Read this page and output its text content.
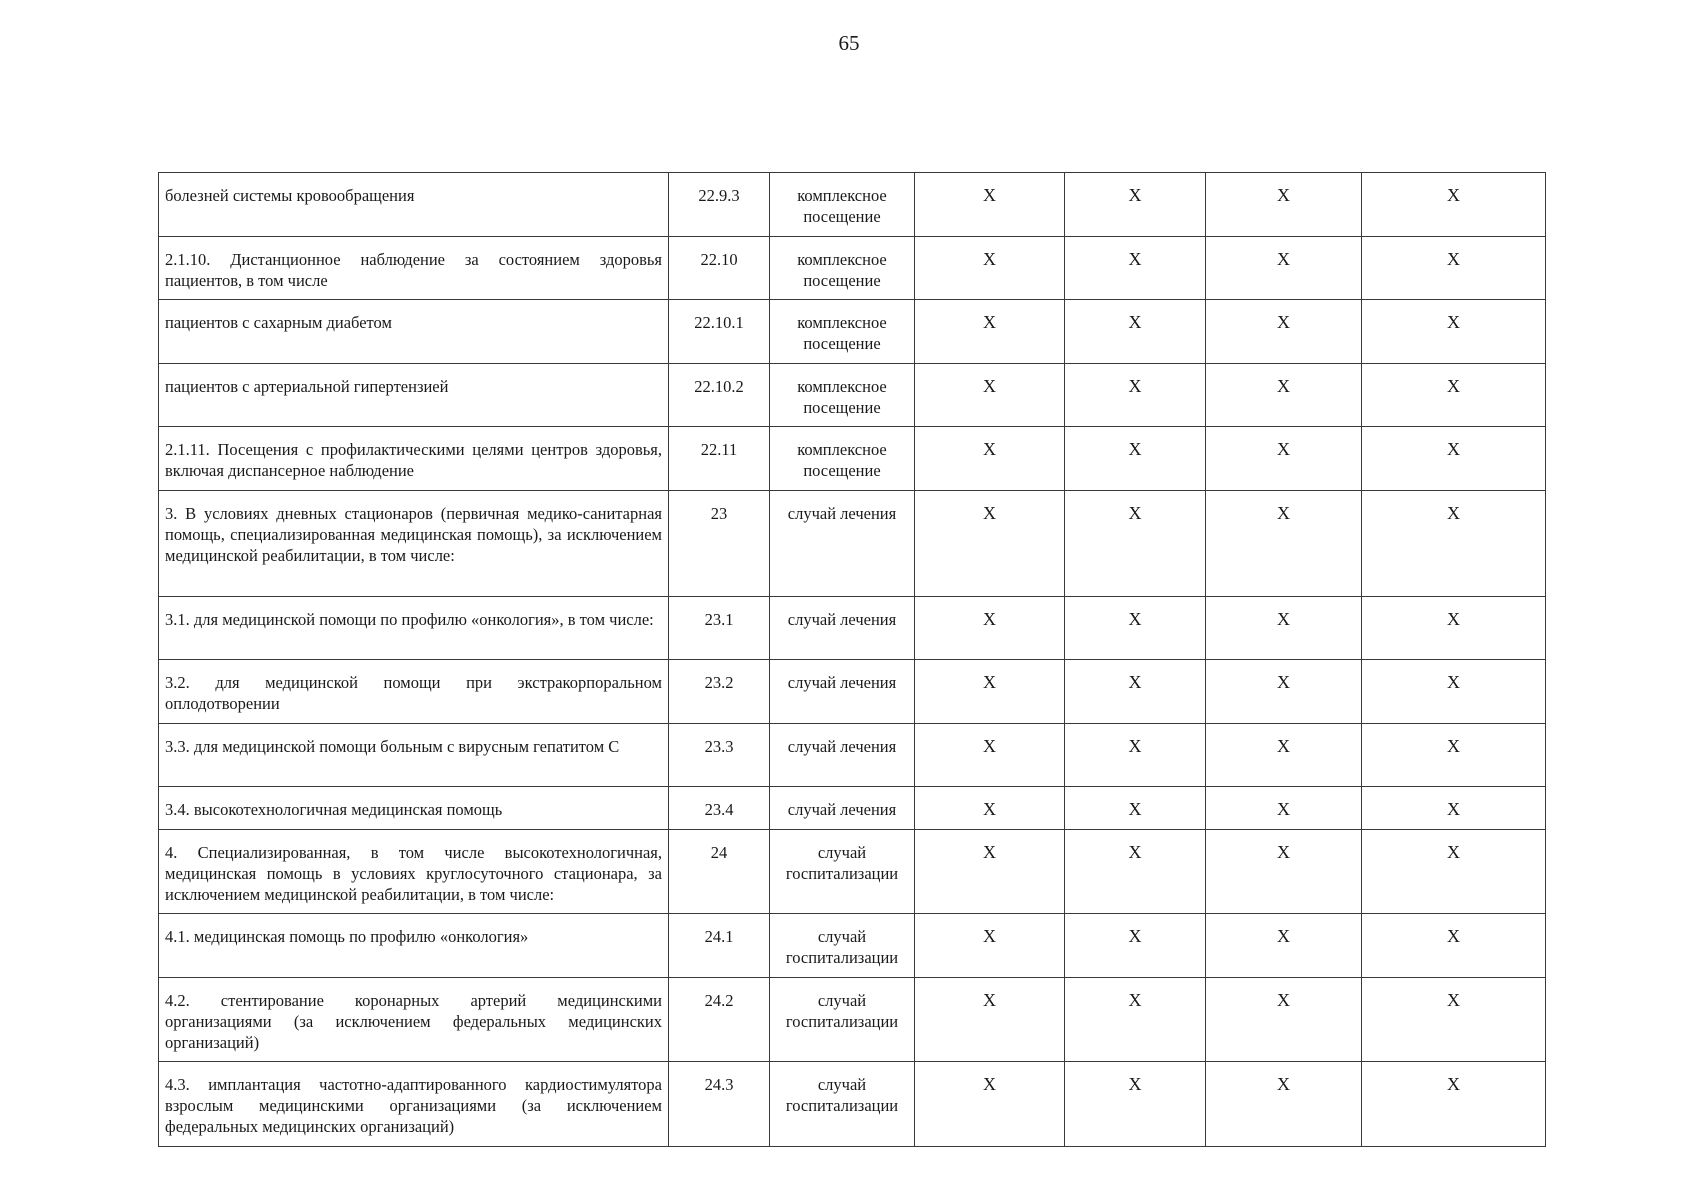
65
болезней системы кровообращения	22.9.3	комплексное посещение	Х	Х	Х	Х
2.1.10. Дистанционное наблюдение за состоянием здоровья пациентов, в том числе	22.10	комплексное посещение	Х	Х	Х	Х
пациентов с сахарным диабетом	22.10.1	комплексное посещение	Х	Х	Х	Х
пациентов с артериальной гипертензией	22.10.2	комплексное посещение	Х	Х	Х	Х
2.1.11. Посещения с профилактическими целями центров здоровья, включая диспансерное наблюдение	22.11	комплексное посещение	Х	Х	Х	Х
3. В условиях дневных стационаров (первичная медико-санитарная помощь, специализированная медицинская помощь), за исключением медицинской реабилитации, в том числе:	23	случай лечения	Х	Х	Х	Х
3.1. для медицинской помощи по профилю «онкология», в том числе:	23.1	случай лечения	Х	Х	Х	Х
3.2. для медицинской помощи при экстракорпоральном оплодотворении	23.2	случай лечения	Х	Х	Х	Х
3.3. для медицинской помощи больным с вирусным гепатитом С	23.3	случай лечения	Х	Х	Х	Х
3.4. высокотехнологичная медицинская помощь	23.4	случай лечения	Х	Х	Х	Х
4. Специализированная, в том числе высокотехнологичная, медицинская помощь в условиях круглосуточного стационара, за исключением медицинской реабилитации, в том числе:	24	случай госпитализации	Х	Х	Х	Х
4.1. медицинская помощь по профилю «онкология»	24.1	случай госпитализации	Х	Х	Х	Х
4.2. стентирование коронарных артерий медицинскими организациями (за исключением федеральных медицинских организаций)	24.2	случай госпитализации	Х	Х	Х	Х
4.3. имплантация частотно-адаптированного кардиостимулятора взрослым медицинскими организациями (за исключением федеральных медицинских организаций)	24.3	случай госпитализации	Х	Х	Х	Х
